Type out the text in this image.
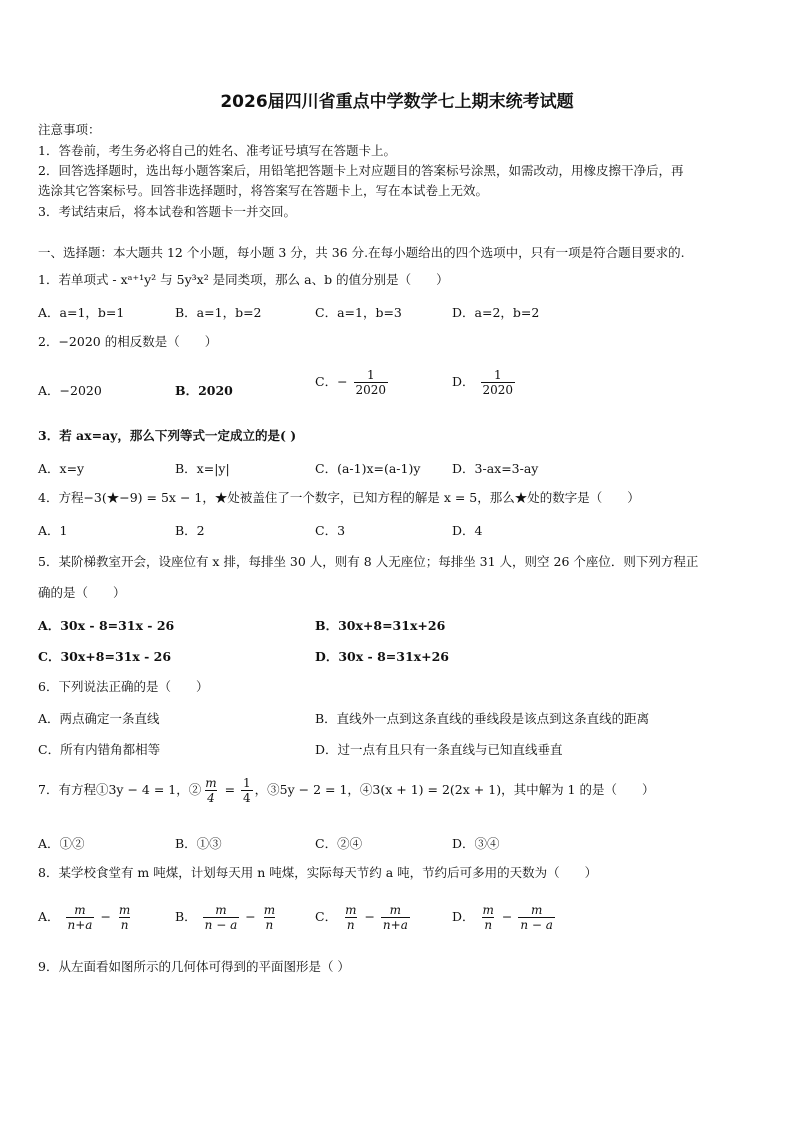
2026届四川省重点中学数学七上期末统考试题
注意事项：
1．答卷前，考生务必将自己的姓名、准考证号填写在答题卡上。
2．回答选择题时，选出每小题答案后，用铅笔把答题卡上对应题目的答案标号涂黑，如需改动，用橡皮擦干净后，再
选涂其它答案标号。回答非选择题时，将答案写在答题卡上，写在本试卷上无效。
3．考试结束后，将本试卷和答题卡一并交回。
一、选择题：本大题共 12 个小题，每小题 3 分，共 36 分.在每小题给出的四个选项中，只有一项是符合题目要求的.
1．若单项式 - xᵃ⁺¹y² 与 5y³x² 是同类项，那么 a、b 的值分别是（　　）
A．a=1，b=1	B．a=1，b=2	C．a=1，b=3	D．a=2，b=2
2．−2020 的相反数是（　　）
A．−2020	B．2020
C．− $\frac{1}{2020}$	D． $\frac{1}{2020}$
3．若 ax=ay，那么下列等式一定成立的是( )
A．x=y	B．x=|y|	C．(a-1)x=(a-1)y	D．3-ax=3-ay
4．方程−3(★−9) = 5x − 1，★处被盖住了一个数字，已知方程的解是 x = 5，那么★处的数字是（　　）
A．1	B．2	C．3	D．4
5．某阶梯教室开会，设座位有 x 排，每排坐 30 人，则有 8 人无座位；每排坐 31 人，则空 26 个座位．则下列方程正
确的是（　　）
A．30x - 8=31x - 26	B．30x+8=31x+26
C．30x+8=31x - 26	D．30x - 8=31x+26
6．下列说法正确的是（　　）
A．两点确定一条直线	B．直线外一点到这条直线的垂线段是该点到这条直线的距离
C．所有内错角都相等	D．过一点有且只有一条直线与已知直线垂直
7．有方程①3y − 4 = 1，② $\frac{m}{4} = \frac{1}{4}$ ，③5y − 2 = 1，④3(x + 1) = 2(2x + 1)，其中解为 1 的是（　　）
A．①②	B．①③	C．②④	D．③④
8．某学校食堂有 m 吨煤，计划每天用 n 吨煤，实际每天节约 a 吨，节约后可多用的天数为（　　）
A． $\frac{m}{n+a} - \frac{m}{n}$	B． $\frac{m}{n - a} - \frac{m}{n}$	C． $\frac{m}{n} - \frac{m}{n+a}$	D． $\frac{m}{n} - \frac{m}{n - a}$
9．从左面看如图所示的几何体可得到的平面图形是（ ）
